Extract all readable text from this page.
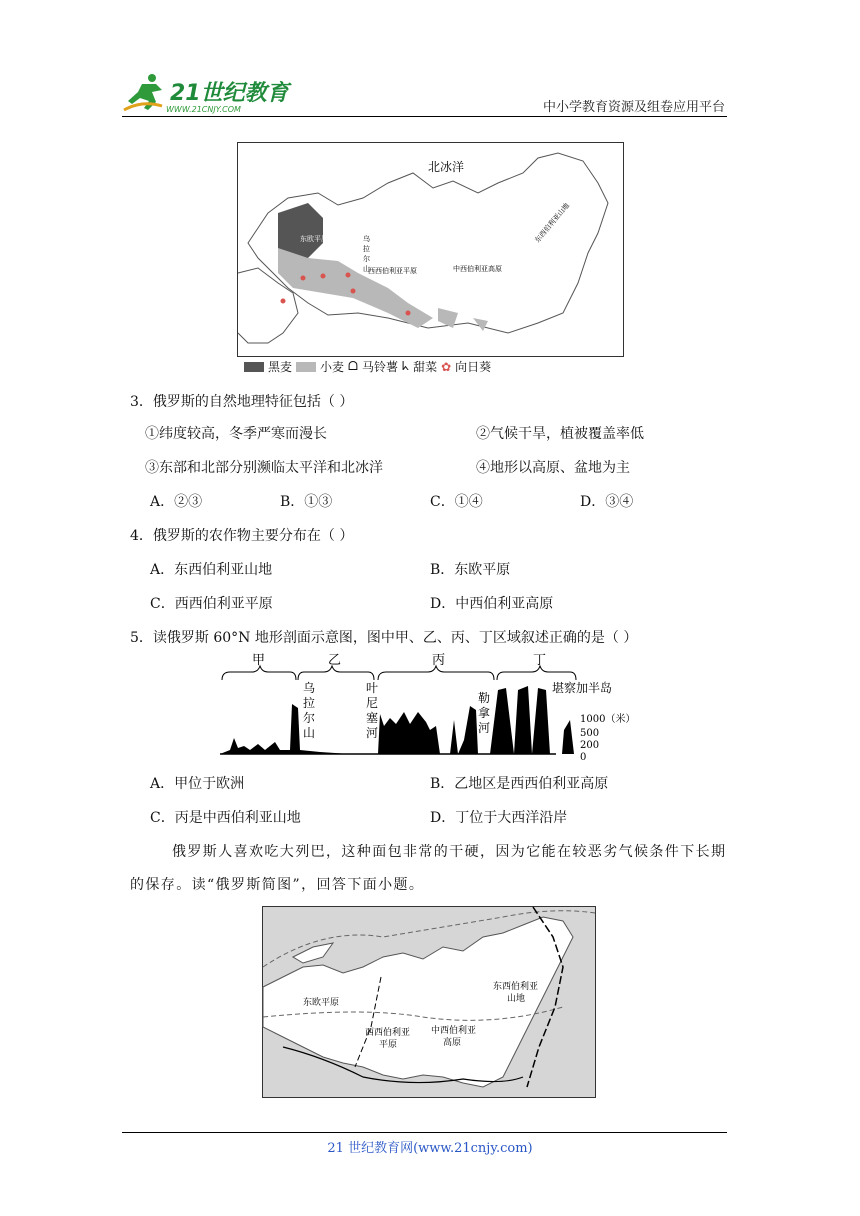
21世纪教育
WWW.21CNJY.COM	中小学教育资源及组卷应用平台
北冰洋
东欧平原
西西伯利亚平原	中西伯利亚高原
东西伯利亚山地
乌
拉
尔
山
黑麦 小麦 ᗝ 马铃薯 ᖾ 甜菜 ✿ 向日葵
3．俄罗斯的自然地理特征包括（ ）
①纬度较高，冬季严寒而漫长	②气候干旱，植被覆盖率低
③东部和北部分别濒临太平洋和北冰洋	④地形以高原、盆地为主
A．②③	B．①③	C．①④	D．③④
4．俄罗斯的农作物主要分布在（ ）
A．东西伯利亚山地	B．东欧平原
C．西西伯利亚平原	D．中西伯利亚高原
5．读俄罗斯 60°N 地形剖面示意图，图中甲、乙、丙、丁区域叙述正确的是（ ）
甲	乙	丙	丁
乌
拉
尔
山
叶
尼
塞
河
勒
拿
河
堪察加半岛
1000（米）
500
200
0
A．甲位于欧洲	B．乙地区是西西伯利亚高原
C．丙是中西伯利亚山地	D．丁位于大西洋沿岸
俄罗斯人喜欢吃大列巴，这种面包非常的干硬，因为它能在较恶劣气候条件下长期
的保存。读“俄罗斯简图”，回答下面小题。
东欧平原
西西伯利亚
平原
中西伯利亚
高原
东西伯利亚
山地
21 世纪教育网(www.21cnjy.com)
